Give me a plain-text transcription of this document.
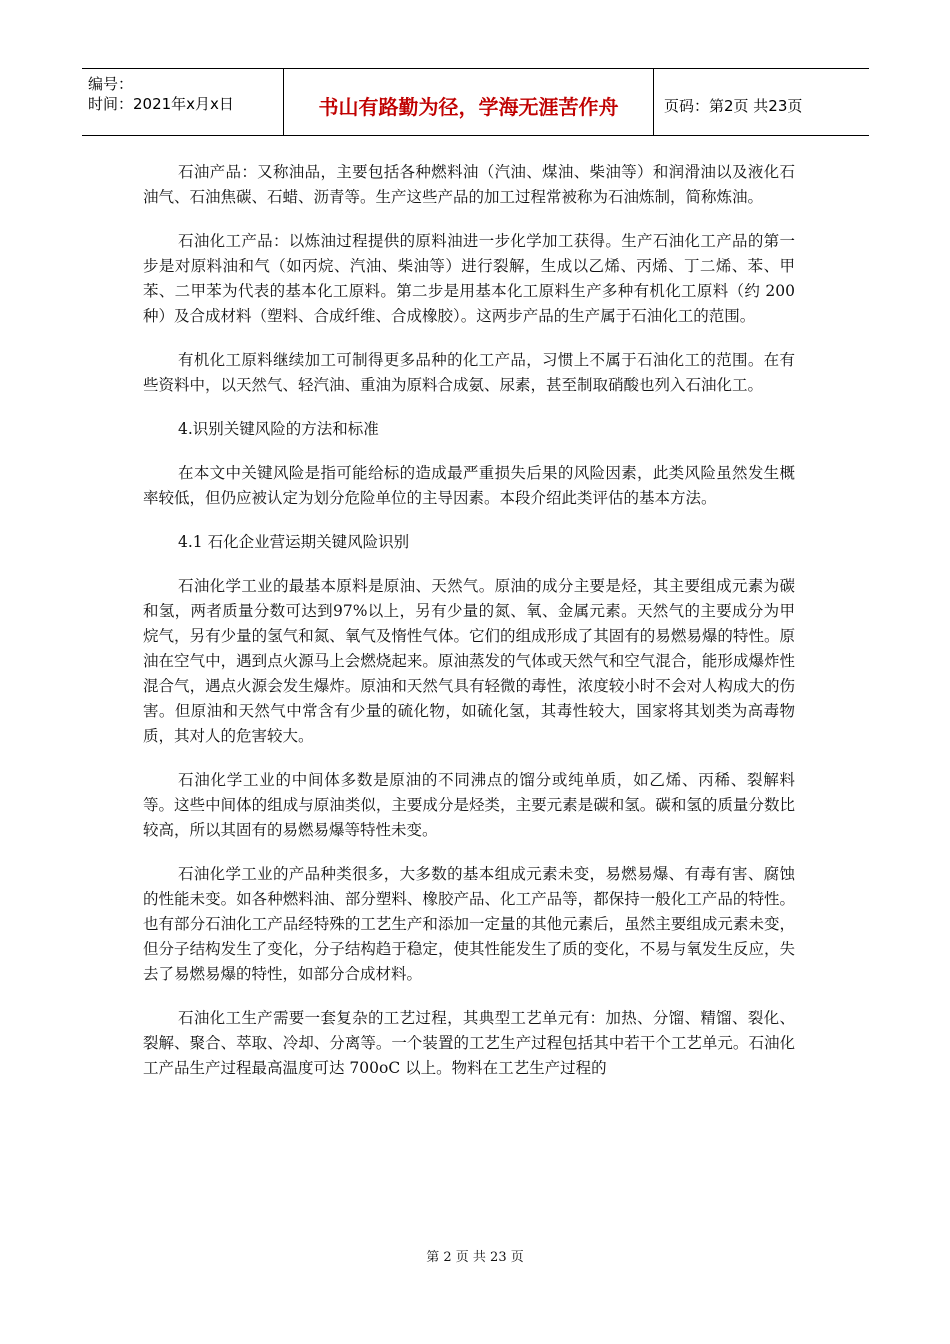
编号：
时间：2021年x月x日	书山有路勤为径，学海无涯苦作舟	页码：第2页 共23页

石油产品：又称油品，主要包括各种燃料油（汽油、煤油、柴油等）和润滑油以及液化石油气、石油焦碳、石蜡、沥青等。生产这些产品的加工过程常被称为石油炼制，简称炼油。

石油化工产品：以炼油过程提供的原料油进一步化学加工获得。生产石油化工产品的第一步是对原料油和气（如丙烷、汽油、柴油等）进行裂解，生成以乙烯、丙烯、丁二烯、苯、甲苯、二甲苯为代表的基本化工原料。第二步是用基本化工原料生产多种有机化工原料（约 200 种）及合成材料（塑料、合成纤维、合成橡胶）。这两步产品的生产属于石油化工的范围。

有机化工原料继续加工可制得更多品种的化工产品，习惯上不属于石油化工的范围。在有些资料中，以天然气、轻汽油、重油为原料合成氨、尿素，甚至制取硝酸也列入石油化工。

4.识别关键风险的方法和标准

在本文中关键风险是指可能给标的造成最严重损失后果的风险因素，此类风险虽然发生概率较低，但仍应被认定为划分危险单位的主导因素。本段介绍此类评估的基本方法。

4.1 石化企业营运期关键风险识别

石油化学工业的最基本原料是原油、天然气。原油的成分主要是烃，其主要组成元素为碳和氢，两者质量分数可达到97%以上，另有少量的氮、氧、金属元素。天然气的主要成分为甲烷气，另有少量的氢气和氮、氧气及惰性气体。它们的组成形成了其固有的易燃易爆的特性。原油在空气中，遇到点火源马上会燃烧起来。原油蒸发的气体或天然气和空气混合，能形成爆炸性混合气，遇点火源会发生爆炸。原油和天然气具有轻微的毒性，浓度较小时不会对人构成大的伤害。但原油和天然气中常含有少量的硫化物，如硫化氢，其毒性较大，国家将其划类为高毒物质，其对人的危害较大。

石油化学工业的中间体多数是原油的不同沸点的馏分或纯单质，如乙烯、丙稀、裂解料等。这些中间体的组成与原油类似，主要成分是烃类，主要元素是碳和氢。碳和氢的质量分数比较高，所以其固有的易燃易爆等特性未变。

石油化学工业的产品种类很多，大多数的基本组成元素未变，易燃易爆、有毒有害、腐蚀的性能未变。如各种燃料油、部分塑料、橡胶产品、化工产品等，都保持一般化工产品的特性。也有部分石油化工产品经特殊的工艺生产和添加一定量的其他元素后，虽然主要组成元素未变，但分子结构发生了变化，分子结构趋于稳定，使其性能发生了质的变化，不易与氧发生反应，失去了易燃易爆的特性，如部分合成材料。

石油化工生产需要一套复杂的工艺过程，其典型工艺单元有：加热、分馏、精馏、裂化、裂解、聚合、萃取、冷却、分离等。一个装置的工艺生产过程包括其中若干个工艺单元。石油化工产品生产过程最高温度可达 700oC 以上。物料在工艺生产过程的

第 2 页 共 23 页
